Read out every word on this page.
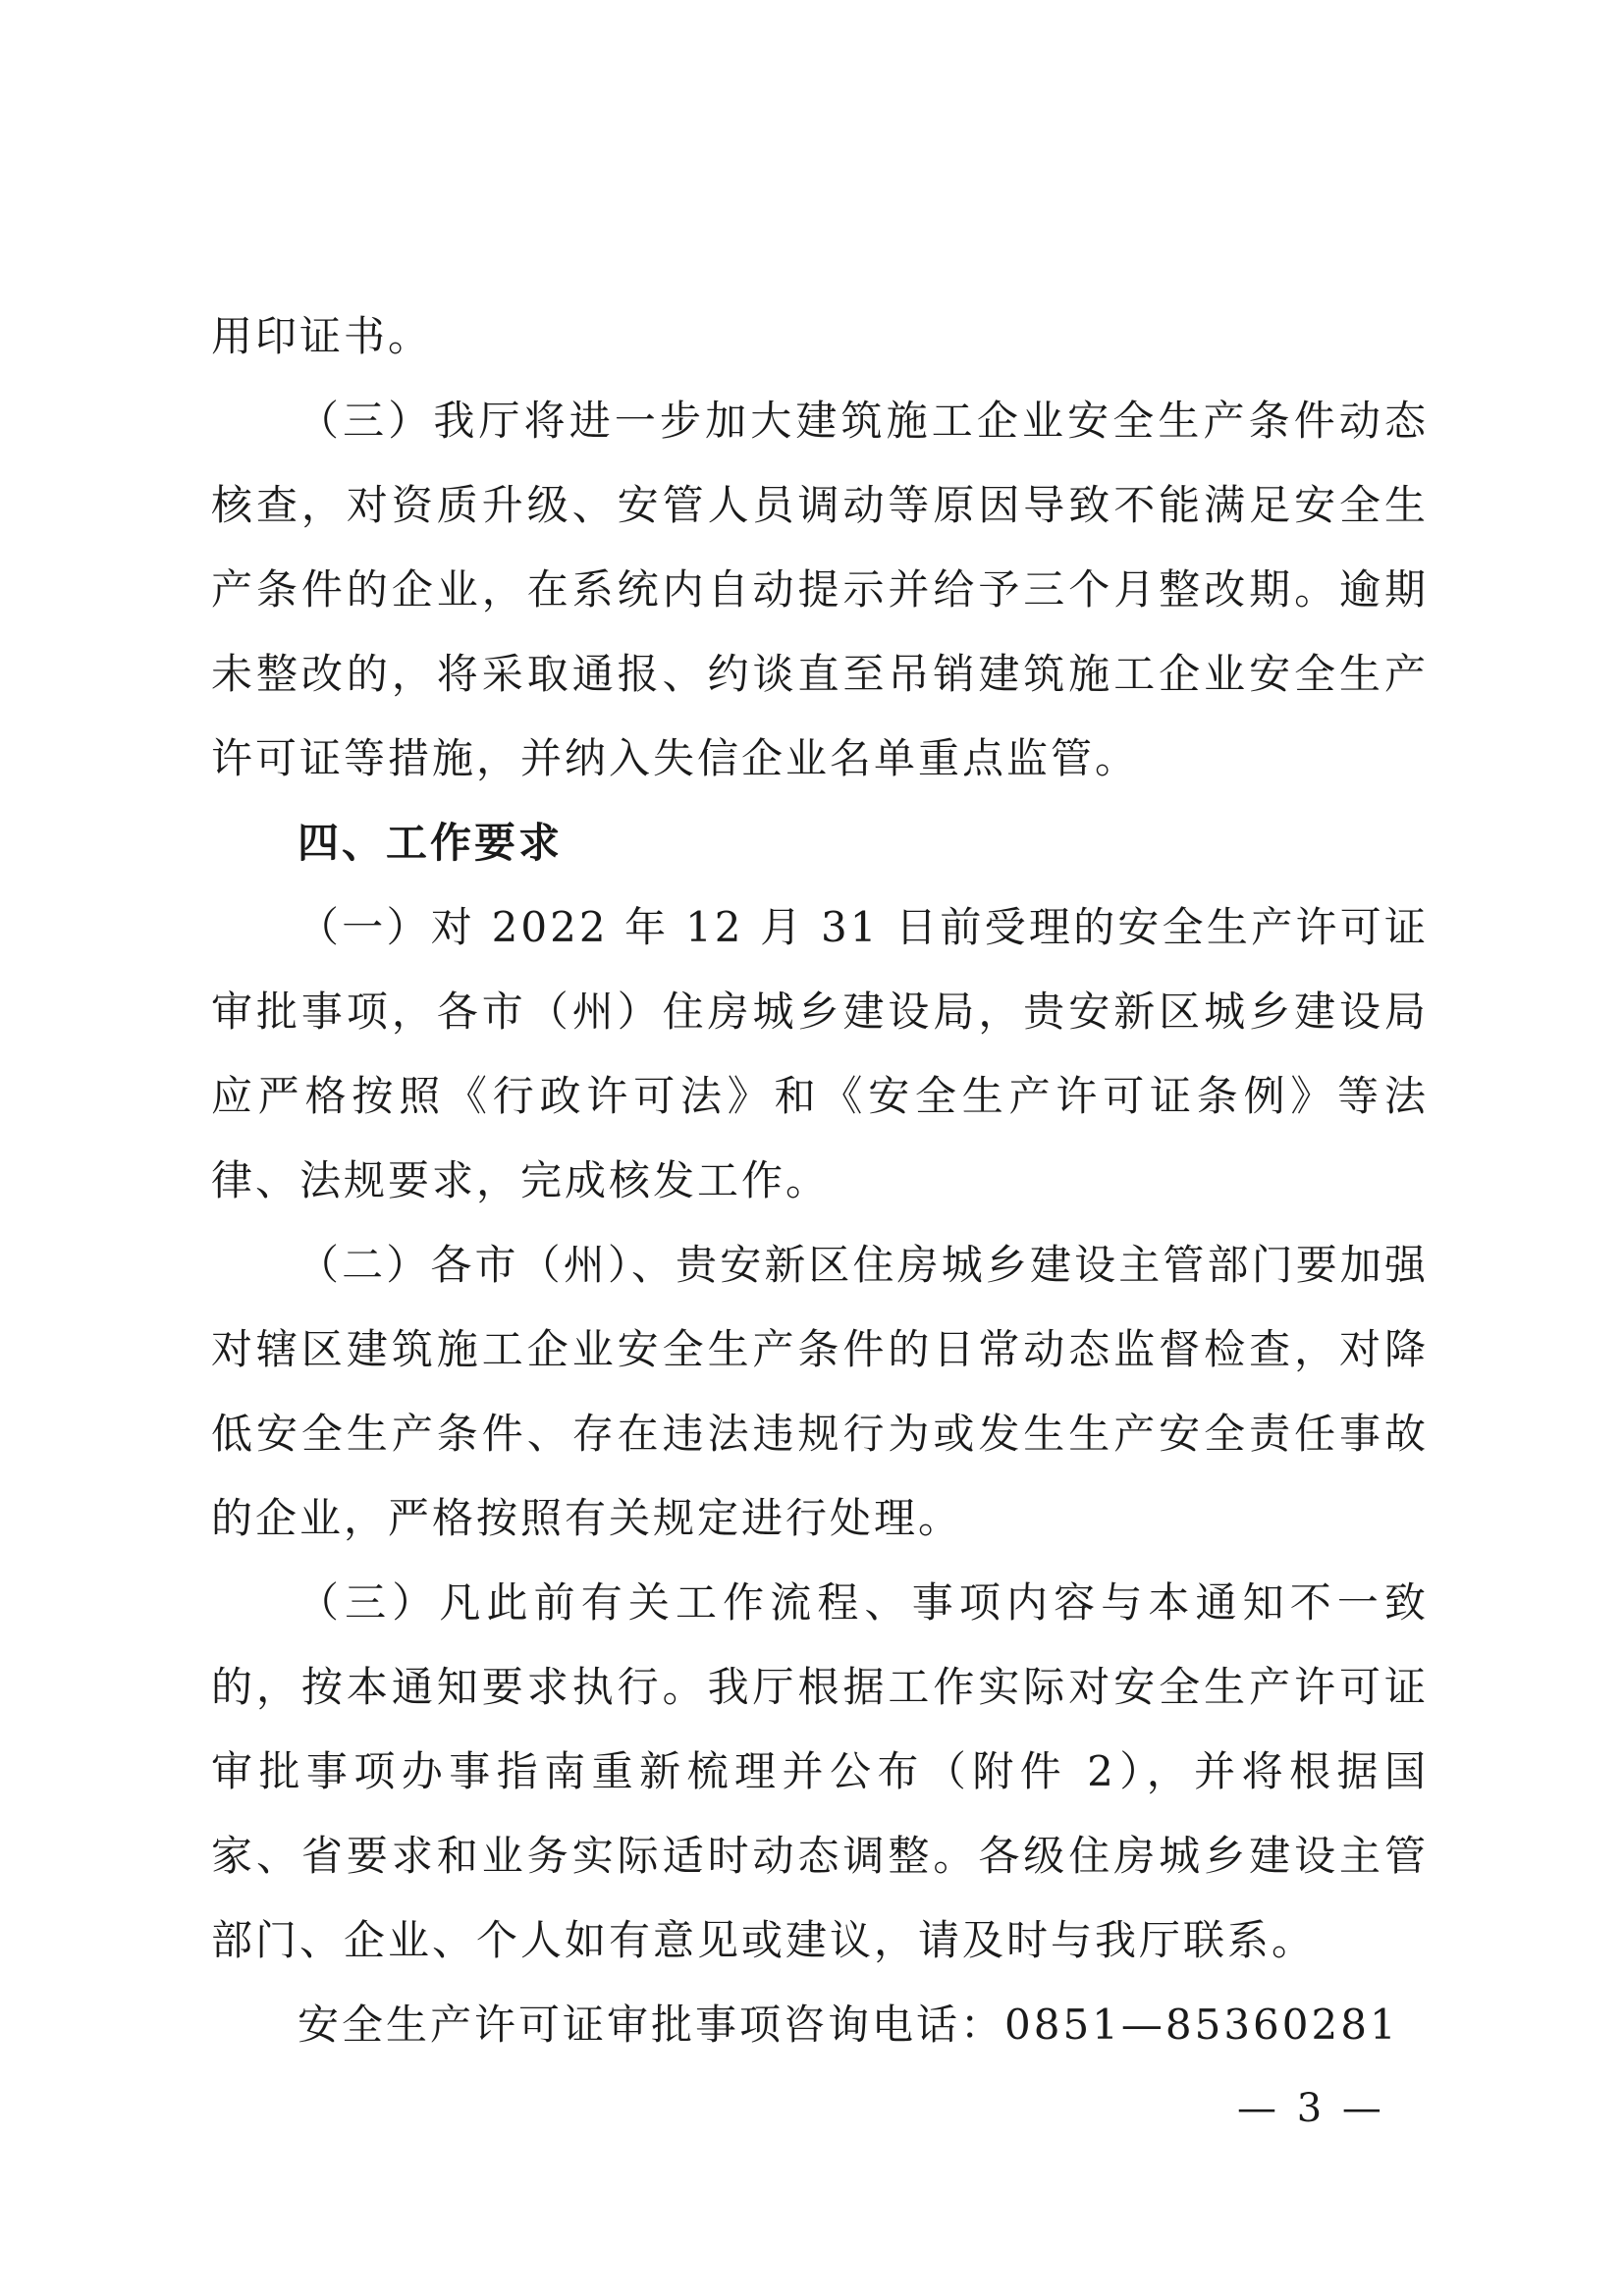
用印证书。

（三）我厅将进一步加大建筑施工企业安全生产条件动态核查，对资质升级、安管人员调动等原因导致不能满足安全生产条件的企业，在系统内自动提示并给予三个月整改期。逾期未整改的，将采取通报、约谈直至吊销建筑施工企业安全生产许可证等措施，并纳入失信企业名单重点监管。

四、工作要求

（一）对 2022 年 12 月 31 日前受理的安全生产许可证审批事项，各市（州）住房城乡建设局，贵安新区城乡建设局应严格按照《行政许可法》和《安全生产许可证条例》等法律、法规要求，完成核发工作。

（二）各市（州）、贵安新区住房城乡建设主管部门要加强对辖区建筑施工企业安全生产条件的日常动态监督检查，对降低安全生产条件、存在违法违规行为或发生生产安全责任事故的企业，严格按照有关规定进行处理。

（三）凡此前有关工作流程、事项内容与本通知不一致的，按本通知要求执行。我厅根据工作实际对安全生产许可证审批事项办事指南重新梳理并公布（附件 2），并将根据国家、省要求和业务实际适时动态调整。各级住房城乡建设主管部门、企业、个人如有意见或建议，请及时与我厅联系。

安全生产许可证审批事项咨询电话：0851—85360281

— 3 —
